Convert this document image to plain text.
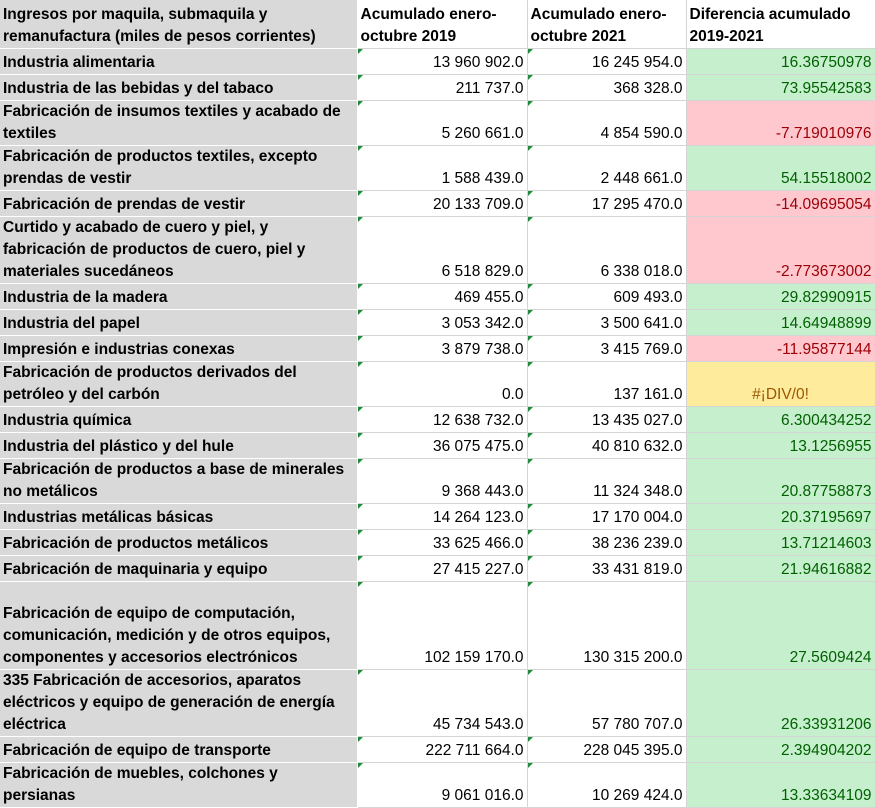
Ingresos por maquila, submaquila y remanufactura (miles de pesos corrientes)	Acumulado enero-octubre 2019	Acumulado enero-octubre 2021	Diferencia acumulado 2019-2021
Industria alimentaria	13 960 902.0	16 245 954.0	16.36750978
Industria de las bebidas y del tabaco	211 737.0	368 328.0	73.95542583
Fabricación de insumos textiles y acabado de textiles	5 260 661.0	4 854 590.0	-7.719010976
Fabricación de productos textiles, excepto prendas de vestir	1 588 439.0	2 448 661.0	54.15518002
Fabricación de prendas de vestir	20 133 709.0	17 295 470.0	-14.09695054
Curtido y acabado de cuero y piel, y fabricación de productos de cuero, piel y materiales sucedáneos	6 518 829.0	6 338 018.0	-2.773673002
Industria de la madera	469 455.0	609 493.0	29.82990915
Industria del papel	3 053 342.0	3 500 641.0	14.64948899
Impresión e industrias conexas	3 879 738.0	3 415 769.0	-11.95877144
Fabricación de productos derivados del petróleo y del carbón	0.0	137 161.0	#¡DIV/0!
Industria química	12 638 732.0	13 435 027.0	6.300434252
Industria del plástico y del hule	36 075 475.0	40 810 632.0	13.1256955
Fabricación de productos a base de minerales no metálicos	9 368 443.0	11 324 348.0	20.87758873
Industrias metálicas básicas	14 264 123.0	17 170 004.0	20.37195697
Fabricación de productos metálicos	33 625 466.0	38 236 239.0	13.71214603
Fabricación de maquinaria y equipo	27 415 227.0	33 431 819.0	21.94616882
Fabricación de equipo de computación, comunicación, medición y de otros equipos, componentes y accesorios electrónicos	102 159 170.0	130 315 200.0	27.5609424
335 Fabricación de accesorios, aparatos eléctricos y equipo de generación de energía eléctrica	45 734 543.0	57 780 707.0	26.33931206
Fabricación de equipo de transporte	222 711 664.0	228 045 395.0	2.394904202
Fabricación de muebles, colchones y persianas	9 061 016.0	10 269 424.0	13.33634109
